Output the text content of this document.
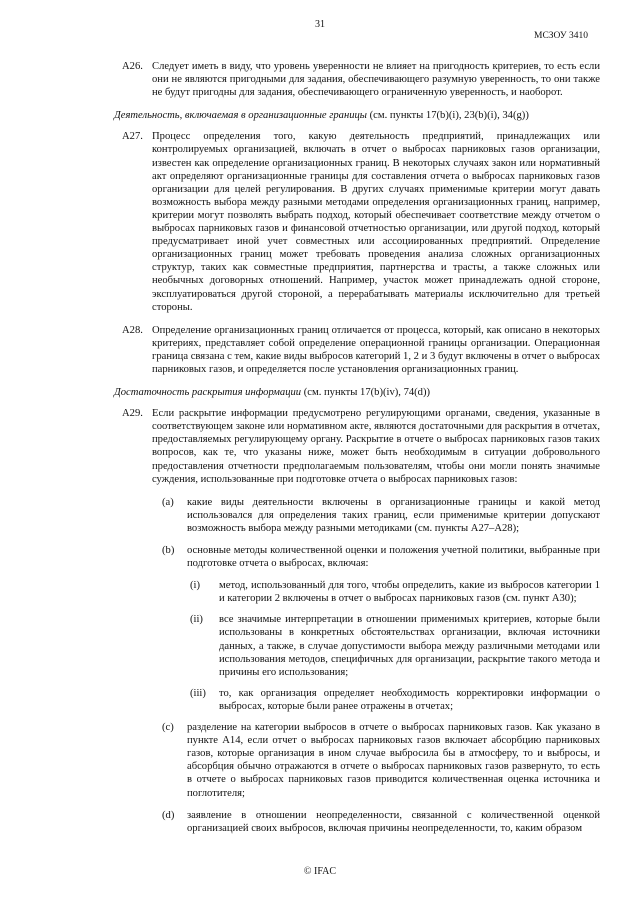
31
МСЗОУ 3410
A26. Следует иметь в виду, что уровень уверенности не влияет на пригодность критериев, то есть если они не являются пригодными для задания, обеспечивающего разумную уверенность, то они также не будут пригодны для задания, обеспечивающего ограниченную уверенность, и наоборот.
Деятельность, включаемая в организационные границы (см. пункты 17(b)(i), 23(b)(i), 34(g))
A27. Процесс определения того, какую деятельность предприятий, принадлежащих или контролируемых организацией, включать в отчет о выбросах парниковых газов организации, известен как определение организационных границ. В некоторых случаях закон или нормативный акт определяют организационные границы для составления отчета о выбросах парниковых газов организации для целей регулирования. В других случаях применимые критерии могут давать возможность выбора между разными методами определения организационных границ, например, критерии могут позволять выбрать подход, который обеспечивает соответствие между отчетом о выбросах парниковых газов и финансовой отчетностью организации, или другой подход, который предусматривает иной учет совместных или ассоциированных предприятий. Определение организационных границ может требовать проведения анализа сложных организационных структур, таких как совместные предприятия, партнерства и трасты, а также сложных или необычных договорных отношений. Например, участок может принадлежать одной стороне, эксплуатироваться другой стороной, а перерабатывать материалы исключительно для третьей стороны.
A28. Определение организационных границ отличается от процесса, который, как описано в некоторых критериях, представляет собой определение операционной границы организации. Операционная граница связана с тем, какие виды выбросов категорий 1, 2 и 3 будут включены в отчет о выбросах парниковых газов, и определяется после установления организационных границ.
Достаточность раскрытия информации (см. пункты 17(b)(iv), 74(d))
A29. Если раскрытие информации предусмотрено регулирующими органами, сведения, указанные в соответствующем законе или нормативном акте, являются достаточными для раскрытия в отчетах, предоставляемых регулирующему органу. Раскрытие в отчете о выбросах парниковых газов таких вопросов, как те, что указаны ниже, может быть необходимым в ситуации добровольного предоставления отчетности предполагаемым пользователям, чтобы они могли понять значимые суждения, использованные при подготовке отчета о выбросах парниковых газов:
(a) какие виды деятельности включены в организационные границы и какой метод использовался для определения таких границ, если применимые критерии допускают возможность выбора между разными методиками (см. пункты A27–A28);
(b) основные методы количественной оценки и положения учетной политики, выбранные при подготовке отчета о выбросах, включая:
(i) метод, использованный для того, чтобы определить, какие из выбросов категории 1 и категории 2 включены в отчет о выбросах парниковых газов (см. пункт A30);
(ii) все значимые интерпретации в отношении применимых критериев, которые были использованы в конкретных обстоятельствах организации, включая источники данных, а также, в случае допустимости выбора между различными методами или использования методов, специфичных для организации, раскрытие такого метода и причины его использования;
(iii) то, как организация определяет необходимость корректировки информации о выбросах, которые были ранее отражены в отчетах;
(c) разделение на категории выбросов в отчете о выбросах парниковых газов. Как указано в пункте A14, если отчет о выбросах парниковых газов включает абсорбцию парниковых газов, которые организация в ином случае выбросила бы в атмосферу, то и выбросы, и абсорбция обычно отражаются в отчете о выбросах парниковых газов развернуто, то есть в отчете о выбросах парниковых газов приводится количественная оценка источника и поглотителя;
(d) заявление в отношении неопределенности, связанной с количественной оценкой организацией своих выбросов, включая причины неопределенности, то, каким образом
© IFAC
